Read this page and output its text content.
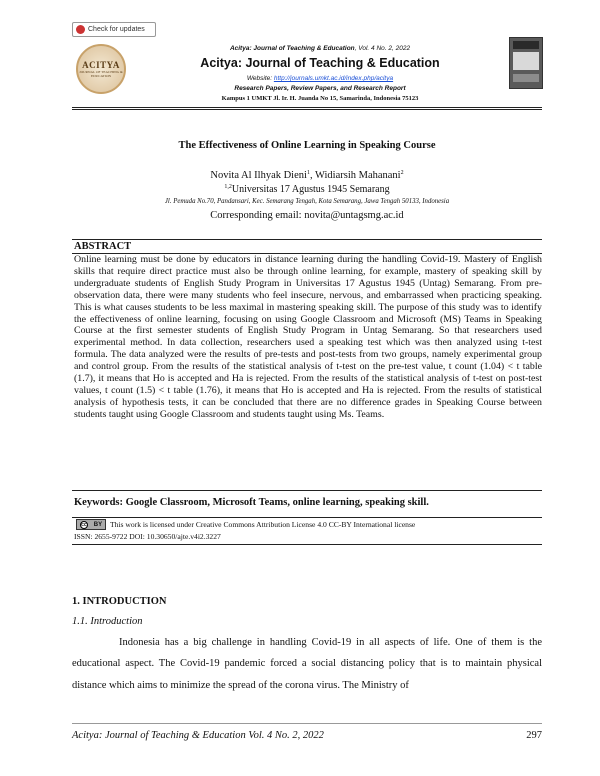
Check for updates
ACITYA
JOURNAL OF TEACHING & EDUCATION
Acitya: Journal of Teaching & Education, Vol. 4 No. 2, 2022
Acitya: Journal of Teaching & Education
Website: http://journals.umkt.ac.id/index.php/acitya
Research Papers, Review Papers, and Research Report
Kampus 1 UMKT Jl. Ir. H. Juanda No 15, Samarinda, Indonesia 75123
The Effectiveness of Online Learning in Speaking Course
Novita Al Ilhyak Dieni$^1$, Widiarsih Mahanani$^2$
$^{1,2}$Universitas 17 Agustus 1945 Semarang
Jl. Pemuda No.70, Pandansari, Kec. Semarang Tengah, Kota Semarang, Jawa Tengah 50133, Indonesia
Corresponding email: novita@untagsmg.ac.id
ABSTRACT
Online learning must be done by educators in distance learning during the handling Covid-19. Mastery of English skills that require direct practice must also be through online learning, for example, mastery of speaking skill by undergraduate students of English Study Program in Universitas 17 Agustus 1945 (Untag) Semarang. From pre-observation data, there were many students who feel insecure, nervous, and embarrassed when practicing speaking. This is what causes students to be less maximal in mastering speaking skill. The purpose of this study was to identify the effectiveness of online learning, focusing on using Google Classroom and Microsoft (MS) Teams in Speaking Course at the first semester students of English Study Program in Untag Semarang. So that researchers used experimental method. In data collection, researchers used a speaking test which was then analyzed using t-test formula. The data analyzed were the results of pre-tests and post-tests from two groups, namely experimental group and control group. From the results of the statistical analysis of t-test on the pre-test value, t count (1.04) < t table (1.7), it means that Ho is accepted and Ha is rejected. From the results of the statistical analysis of t-test on post-test values, t count (1.5) < t table (1.76), it means that Ho is accepted and Ha is rejected. From the results of statistical analysis of hypothesis tests, it can be concluded that there are no difference grades in Speaking Course between students taught using Google Classroom and students taught using Ms. Teams.
Keywords: Google Classroom, Microsoft Teams, online learning, speaking skill.
cc BY This work is licensed under Creative Commons Attribution License 4.0 CC-BY International license
ISSN: 2655-9722 DOI: 10.30650/ajte.v4i2.3227
1. INTRODUCTION
1.1. Introduction
Indonesia has a big challenge in handling Covid-19 in all aspects of life. One of them is the educational aspect. The Covid-19 pandemic forced a social distancing policy that is to maintain physical distance which aims to minimize the spread of the corona virus. The Ministry of
Acitya: Journal of Teaching & Education Vol. 4 No. 2, 2022	297
